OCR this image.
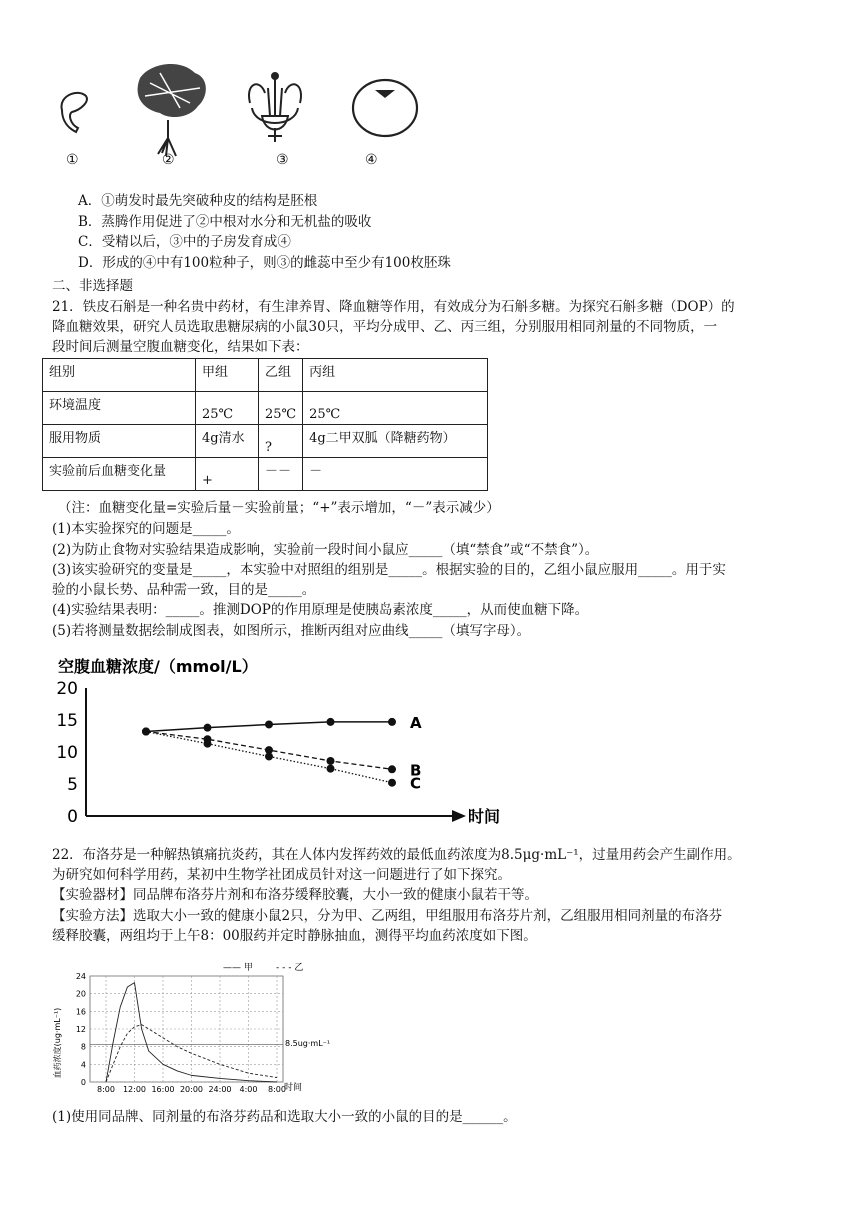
①	②	③	④
A．①萌发时最先突破种皮的结构是胚根
B．蒸腾作用促进了②中根对水分和无机盐的吸收
C．受精以后，③中的子房发育成④
D．形成的④中有100粒种子，则③的雌蕊中至少有100枚胚珠
二、非选择题
21．铁皮石斛是一种名贵中药材，有生津养胃、降血糖等作用，有效成分为石斛多糖。为探究石斛多糖（DOP）的
降血糖效果，研究人员选取患糖尿病的小鼠30只，平均分成甲、乙、丙三组，分别服用相同剂量的不同物质，一
段时间后测量空腹血糖变化，结果如下表：
组别	甲组	乙组	丙组
环境温度	25℃	25℃	25℃
服用物质	4g清水	?	4g二甲双胍（降糖药物）
实验前后血糖变化量	+	－－	－
（注：血糖变化量=实验后量－实验前量；“+”表示增加，“－”表示减少）
(1)本实验探究的问题是_____。
(2)为防止食物对实验结果造成影响，实验前一段时间小鼠应_____（填“禁食”或“不禁食”）。
(3)该实验研究的变量是_____，本实验中对照组的组别是_____。根据实验的目的，乙组小鼠应服用_____。用于实
验的小鼠长势、品种需一致，目的是_____。
(4)实验结果表明：_____。推测DOP的作用原理是使胰岛素浓度_____，从而使血糖下降。
(5)若将测量数据绘制成图表，如图所示，推断丙组对应曲线_____（填写字母）。
空腹血糖浓度/（mmol/L）
时间
20
15
10
5
0
A
B
C
22．布洛芬是一种解热镇痛抗炎药，其在人体内发挥药效的最低血药浓度为8.5μg·mL⁻¹，过量用药会产生副作用。
为研究如何科学用药，某初中生物学社团成员针对这一问题进行了如下探究。
【实验器材】同品牌布洛芬片剂和布洛芬缓释胶囊，大小一致的健康小鼠若干等。
【实验方法】选取大小一致的健康小鼠2只，分为甲、乙两组，甲组服用布洛芬片剂，乙组服用相同剂量的布洛芬
缓释胶囊，两组均于上午8：00服药并定时静脉抽血，测得平均血药浓度如下图。
—— 甲	- - - 乙
血药浓度(ug·mL⁻¹)
24
20
16
12
8
4
0
8:00 12:00 16:00 20:00 24:00 4:00 8:00
8.5ug·mL⁻¹
时间
(1)使用同品牌、同剂量的布洛芬药品和选取大小一致的小鼠的目的是______。
